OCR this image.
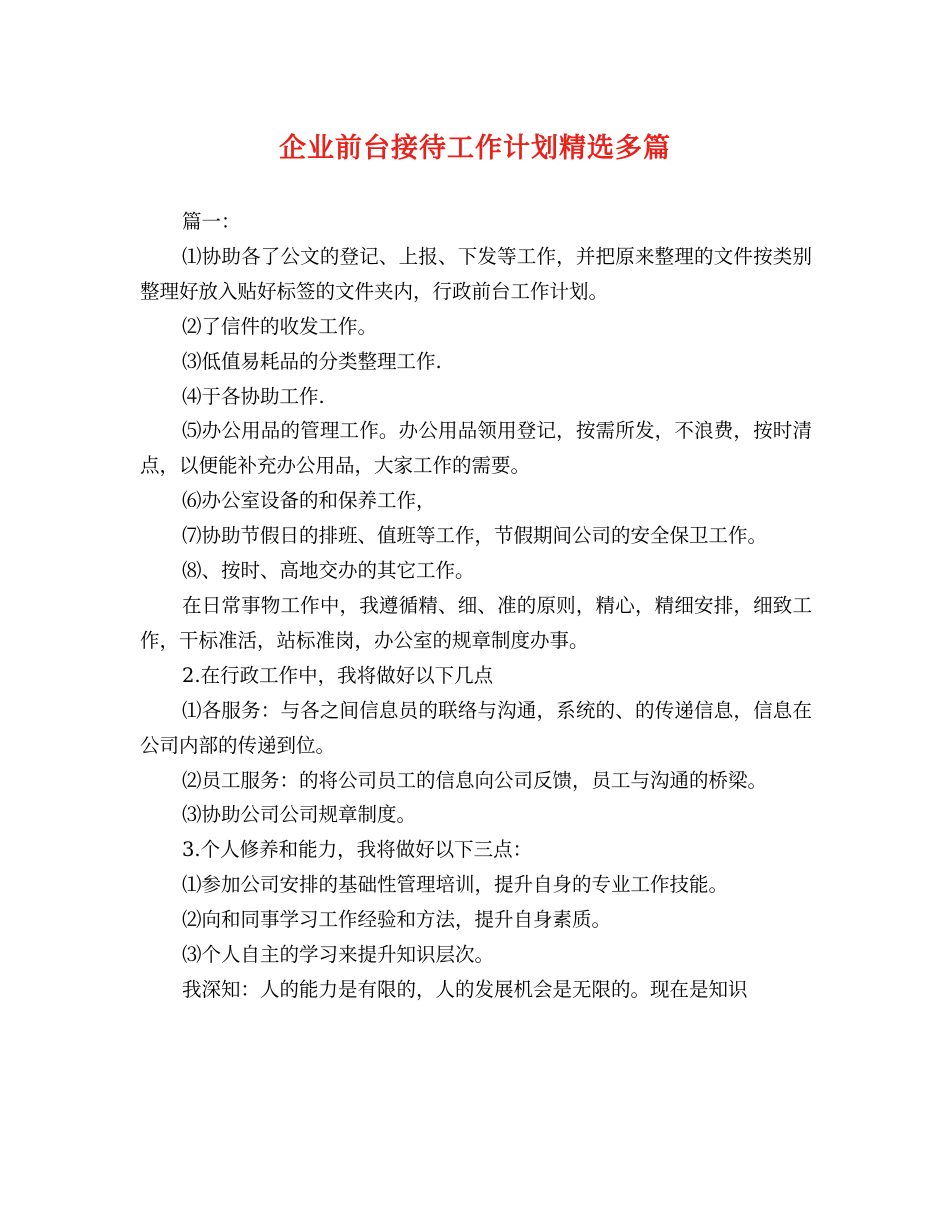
企业前台接待工作计划精选多篇

篇一：

⑴协助各了公文的登记、上报、下发等工作，并把原来整理的文件按类别整理好放入贴好标签的文件夹内，行政前台工作计划。

⑵了信件的收发工作。

⑶低值易耗品的分类整理工作.

⑷于各协助工作.

⑸办公用品的管理工作。办公用品领用登记，按需所发，不浪费，按时清点，以便能补充办公用品，大家工作的需要。

⑹办公室设备的和保养工作，

⑺协助节假日的排班、值班等工作，节假期间公司的安全保卫工作。

⑻、按时、高地交办的其它工作。

在日常事物工作中，我遵循精、细、准的原则，精心，精细安排，细致工作，干标准活，站标准岗，办公室的规章制度办事。

2.在行政工作中，我将做好以下几点

⑴各服务：与各之间信息员的联络与沟通，系统的、的传递信息，信息在公司内部的传递到位。

⑵员工服务：的将公司员工的信息向公司反馈，员工与沟通的桥梁。

⑶协助公司公司规章制度。

3.个人修养和能力，我将做好以下三点：

⑴参加公司安排的基础性管理培训，提升自身的专业工作技能。

⑵向和同事学习工作经验和方法，提升自身素质。

⑶个人自主的学习来提升知识层次。

我深知：人的能力是有限的，人的发展机会是无限的。现在是知识
